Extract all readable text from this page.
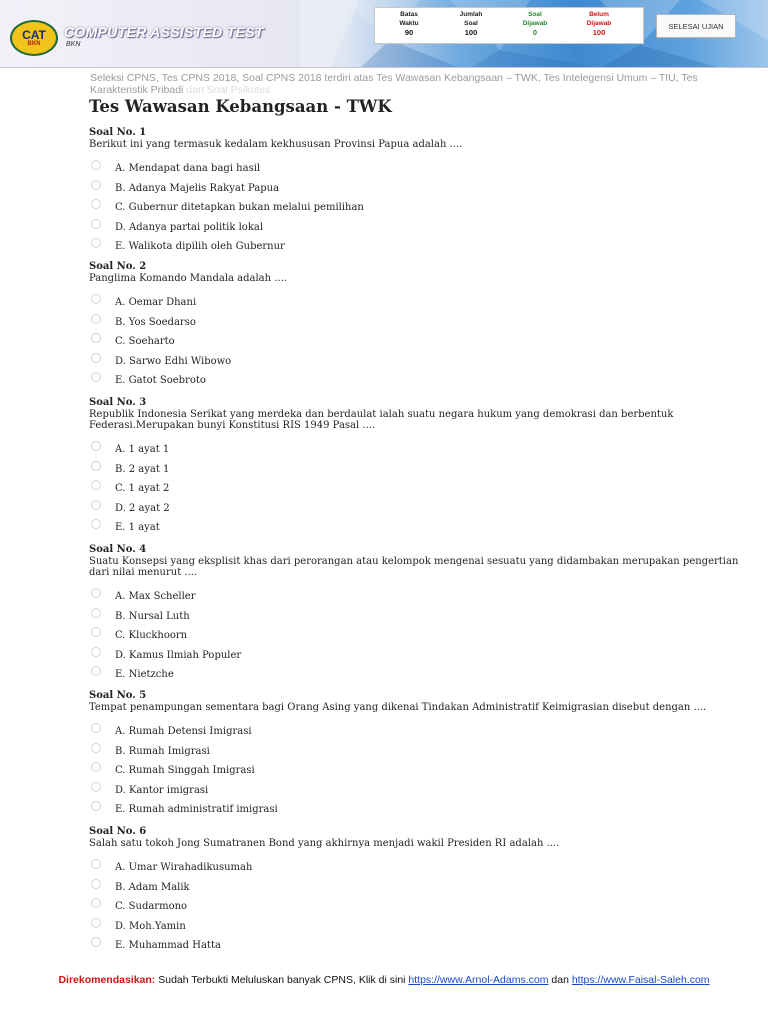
CAT
BKN
COMPUTER ASSISTED TEST
BKN
Batas
Waktu
90
Jumlah
Soal
100
Soal
Dijawab
0
Belum
Dijawab
100
SELESAI UJIAN
Seleksi CPNS, Tes CPNS 2018, Soal CPNS 2018 terdiri atas Tes Wawasan Kebangsaan – TWK, Tes Intelegensi Umum – TIU, Tes Karakteristik Pribadi dan Soal Psikotes
Tes Wawasan Kebangsaan - TWK
Soal No. 1
Berikut ini yang termasuk kedalam kekhususan Provinsi Papua adalah ....
A. Mendapat dana bagi hasil
B. Adanya Majelis Rakyat Papua
C. Gubernur ditetapkan bukan melalui pemilihan
D. Adanya partai politik lokal
E. Walikota dipilih oleh Gubernur
Soal No. 2
Panglima Komando Mandala adalah ....
A. Oemar Dhani
B. Yos Soedarso
C. Soeharto
D. Sarwo Edhi Wibowo
E. Gatot Soebroto
Soal No. 3
Republik Indonesia Serikat yang merdeka dan berdaulat ialah suatu negara hukum yang demokrasi dan berbentuk Federasi.Merupakan bunyi Konstitusi RIS 1949 Pasal ....
A. 1 ayat 1
B. 2 ayat 1
C. 1 ayat 2
D. 2 ayat 2
E. 1 ayat
Soal No. 4
Suatu Konsepsi yang eksplisit khas dari perorangan atau kelompok mengenai sesuatu yang didambakan merupakan pengertian dari nilai menurut ....
A. Max Scheller
B. Nursal Luth
C. Kluckhoorn
D. Kamus Ilmiah Populer
E. Nietzche
Soal No. 5
Tempat penampungan sementara bagi Orang Asing yang dikenai Tindakan Administratif Keimigrasian disebut dengan ....
A. Rumah Detensi Imigrasi
B. Rumah Imigrasi
C. Rumah Singgah Imigrasi
D. Kantor imigrasi
E. Rumah administratif imigrasi
Soal No. 6
Salah satu tokoh Jong Sumatranen Bond yang akhirnya menjadi wakil Presiden RI adalah ....
A. Umar Wirahadikusumah
B. Adam Malik
C. Sudarmono
D. Moh.Yamin
E. Muhammad Hatta
Direkomendasikan: Sudah Terbukti Meluluskan banyak CPNS, Klik di sini https://www.Arnol-Adams.com dan https://www.Faisal-Saleh.com
